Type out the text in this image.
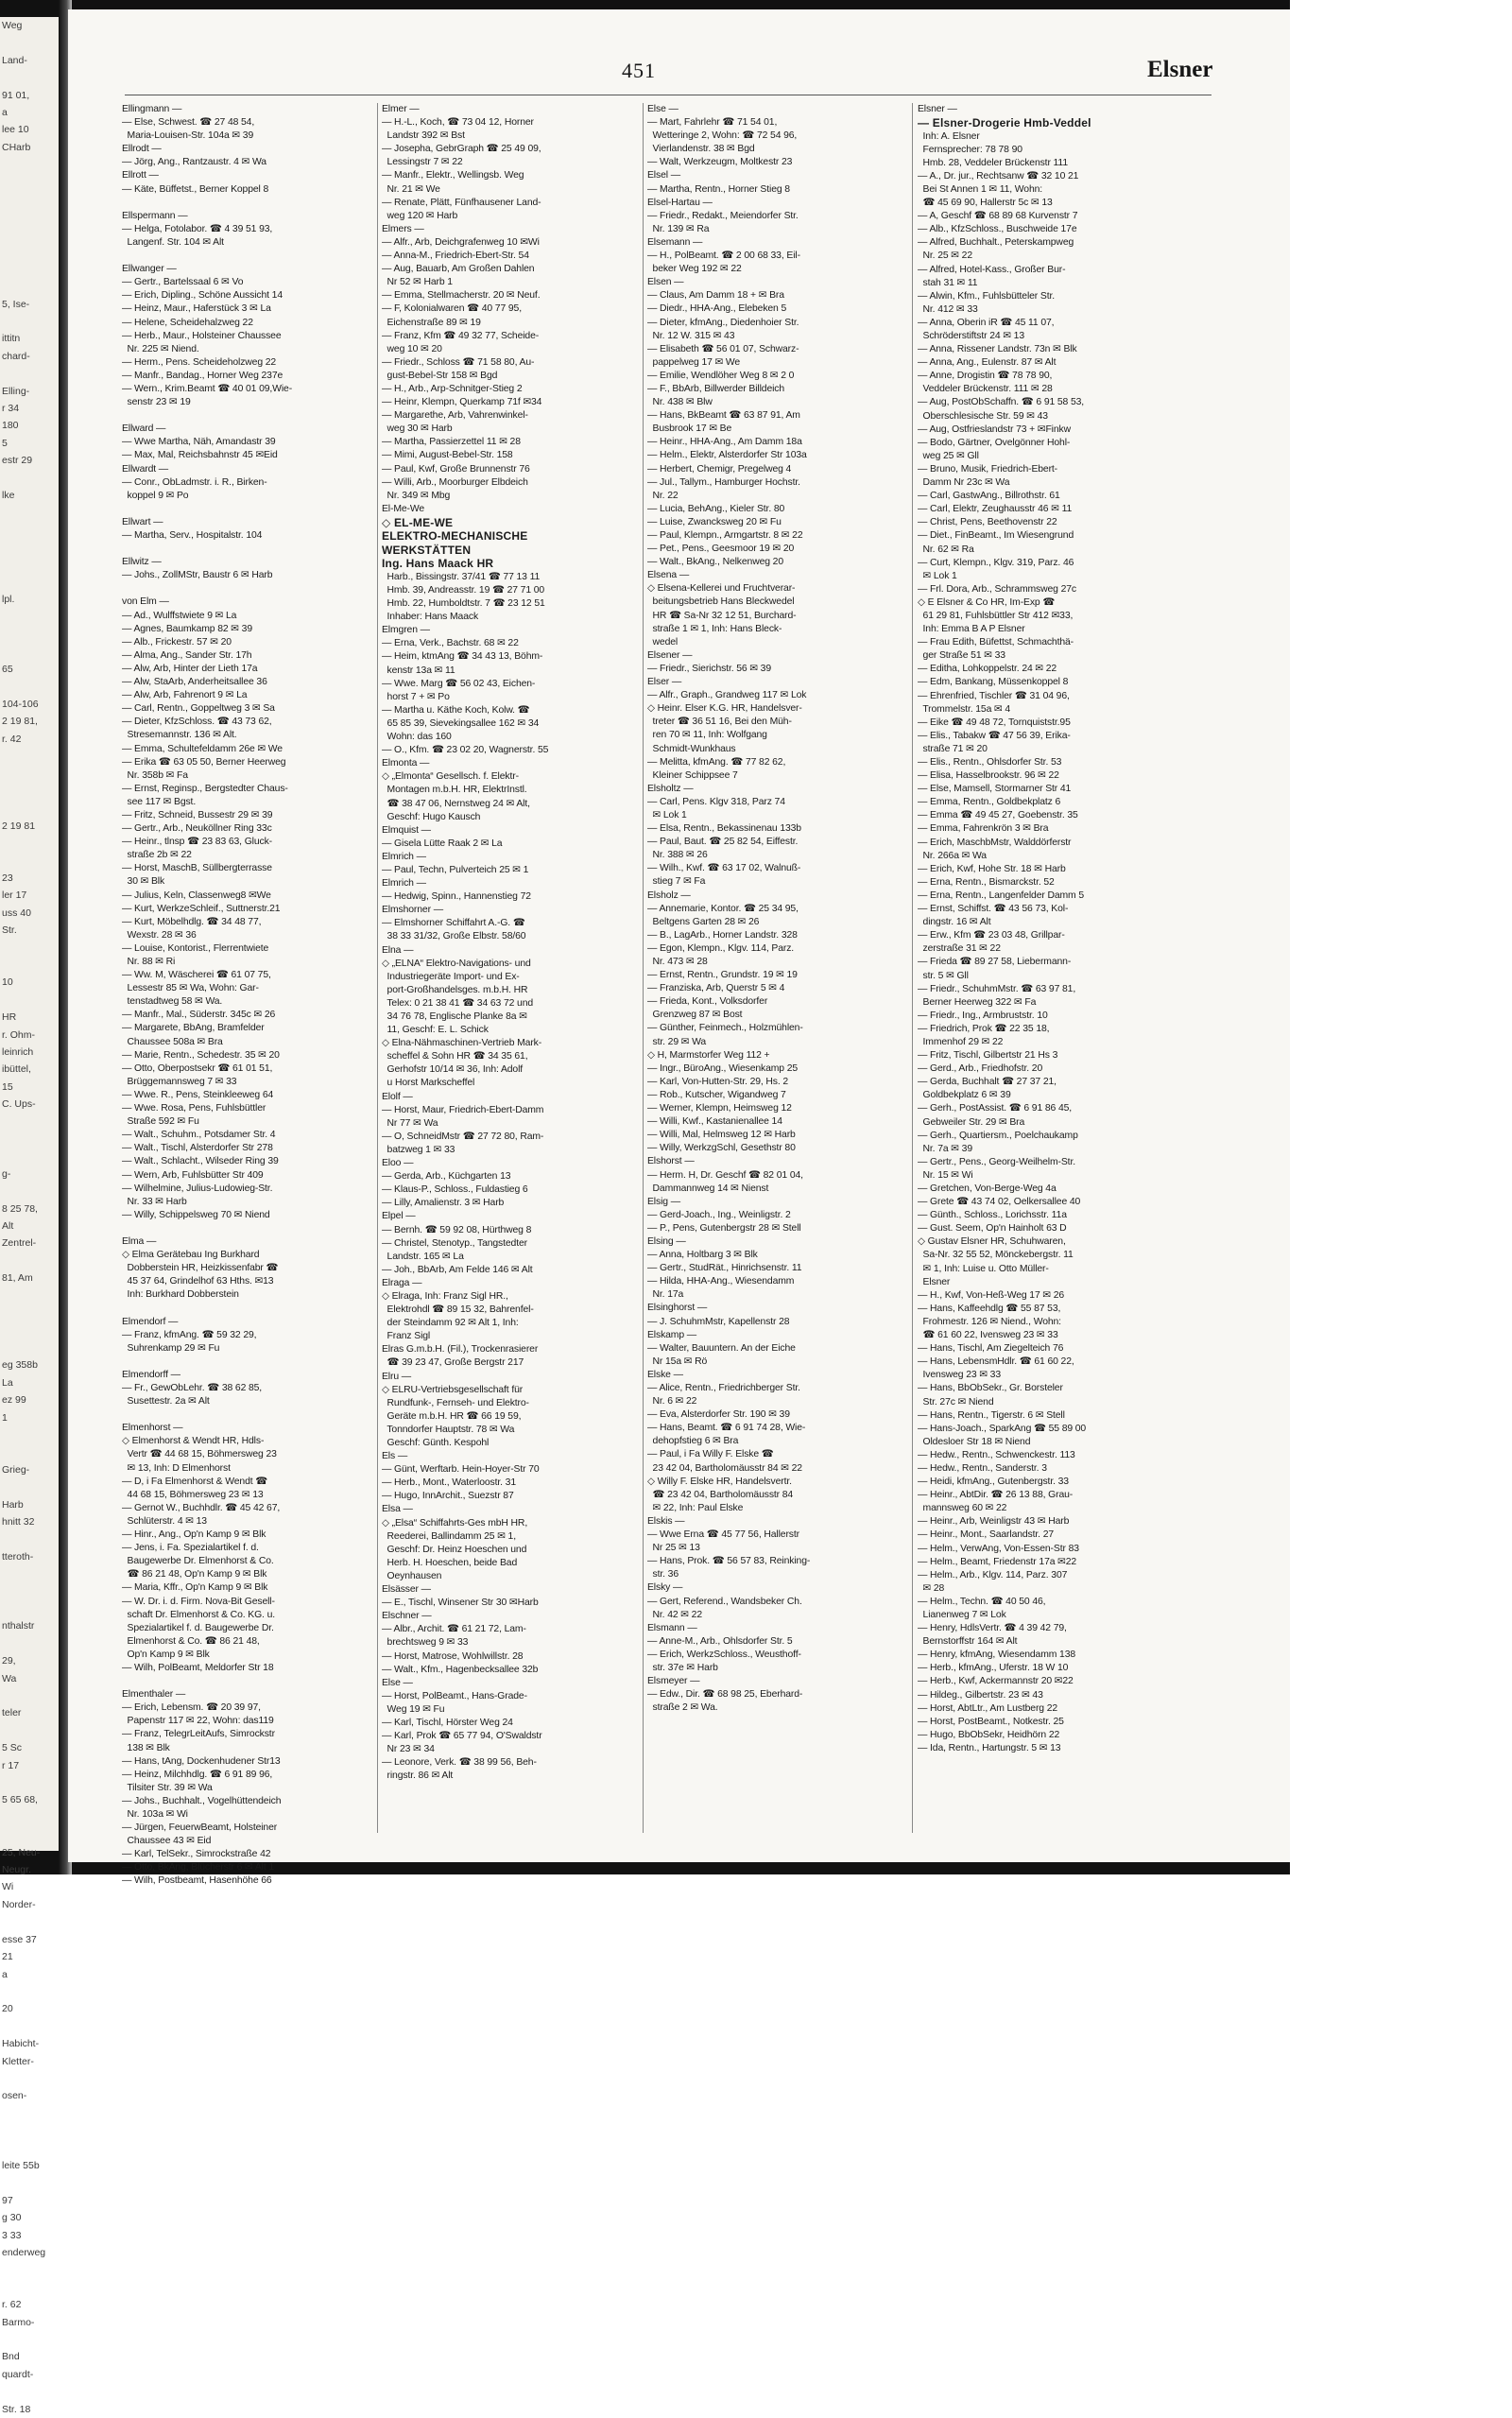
Weg

Land-

91 01,
a
lee 10
CHarb

5, Ise-

ittitn
chard-

Elling-
r 34
180
5
estr 29

lke

lpl.

65

104-106
2 19 81,
r. 42

2 19 81

23
ler 17
uss 40
Str.

10

HR
r. Ohm-
leinrich
ibüttel,
15
C. Ups-

g-

8 25 78,
Alt
Zentrel-

81, Am

eg 358b
La
ez 99
1

Grieg-

Harb
hnitt 32

tteroth-

nthalstr

29,
Wa

teler

5 Sc
r 17

5 65 68,

25, Neu-
Neugr.
Wi
Norder-

esse 37
21
a

20

Habicht-
Kletter-

osen-

leite 55b

97
g 30
3 33
enderweg

r. 62
Barmo-

Bnd
quardt-

Str. 18
451	Elsner
Ellingmann —
— Else, Schwest. ☎ 27 48 54,
Maria-Louisen-Str. 104a ✉ 39
Ellrodt —
— Jörg, Ang., Rantzaustr. 4 ✉ Wa
Ellrott —
— Käte, Büffetst., Berner Koppel 8

Ellspermann —
— Helga, Fotolabor. ☎ 4 39 51 93,
Langenf. Str. 104 ✉ Alt

Ellwanger —
— Gertr., Bartelssaal 6 ✉ Vo
— Erich, Dipling., Schöne Aussicht 14
— Heinz, Maur., Haferstück 3 ✉ La
— Helene, Scheidehalzweg 22
— Herb., Maur., Holsteiner Chaussee
Nr. 225 ✉ Niend.
— Herm., Pens. Scheideholzweg 22
— Manfr., Bandag., Horner Weg 237e
— Wern., Krim.Beamt ☎ 40 01 09,Wie-
senstr 23 ✉ 19

Ellward —
— Wwe Martha, Näh, Amandastr 39
— Max, Mal, Reichsbahnstr 45 ✉Eid
Ellwardt —
— Conr., ObLadmstr. i. R., Birken-
koppel 9 ✉ Po

Ellwart —
— Martha, Serv., Hospitalstr. 104

Ellwitz —
— Johs., ZollMStr, Baustr 6 ✉ Harb

von Elm —
— Ad., Wulffstwiete 9 ✉ La
— Agnes, Baumkamp 82 ✉ 39
— Alb., Frickestr. 57 ✉ 20
— Alma, Ang., Sander Str. 17h
— Alw, Arb, Hinter der Lieth 17a
— Alw, StaArb, Anderheitsallee 36
— Alw, Arb, Fahrenort 9 ✉ La
— Carl, Rentn., Goppeltweg 3 ✉ Sa
— Dieter, KfzSchloss. ☎ 43 73 62,
Stresemannstr. 136 ✉ Alt.
— Emma, Schultefeldamm 26e ✉ We
— Erika ☎ 63 05 50, Berner Heerweg
Nr. 358b ✉ Fa
— Ernst, Reginsp., Bergstedter Chaus-
see 117 ✉ Bgst.
— Fritz, Schneid, Bussestr 29 ✉ 39
— Gertr., Arb., Neuköllner Ring 33c
— Heinr., tlnsp ☎ 23 83 63, Gluck-
straße 2b ✉ 22
— Horst, MaschB, Süllbergterrasse
30 ✉ Blk
— Julius, Keln, Classenweg8 ✉We
— Kurt, WerkzeSchleif., Suttnerstr.21
— Kurt, Möbelhdlg. ☎ 34 48 77,
Wexstr. 28 ✉ 36
— Louise, Kontorist., Flerrentwiete
Nr. 88 ✉ Ri
— Ww. M, Wäscherei ☎ 61 07 75,
Lessestr 85 ✉ Wa, Wohn: Gar-
tenstadtweg 58 ✉ Wa.
— Manfr., Mal., Süderstr. 345c ✉ 26
— Margarete, BbAng, Bramfelder
Chaussee 508a ✉ Bra
— Marie, Rentn., Schedestr. 35 ✉ 20
— Otto, Oberpostsekr ☎ 61 01 51,
Brüggemannsweg 7 ✉ 33
— Wwe. R., Pens, Steinkleeweg 64
— Wwe. Rosa, Pens, Fuhlsbüttler
Straße 592 ✉ Fu
— Walt., Schuhm., Potsdamer Str. 4
— Walt., Tischl, Alsterdorfer Str 278
— Walt., Schlacht., Wilseder Ring 39
— Wern, Arb, Fuhlsbütter Str 409
— Wilhelmine, Julius-Ludowieg-Str.
Nr. 33 ✉ Harb
— Willy, Schippelsweg 70 ✉ Niend

Elma —
◇ Elma Gerätebau Ing Burkhard
Dobberstein HR, Heizkissenfabr ☎
45 37 64, Grindelhof 63 Hths. ✉13
Inh: Burkhard Dobberstein

Elmendorf —
— Franz, kfmAng. ☎ 59 32 29,
Suhrenkamp 29 ✉ Fu

Elmendorff —
— Fr., GewObLehr. ☎ 38 62 85,
Susettestr. 2a ✉ Alt

Elmenhorst —
◇ Elmenhorst & Wendt HR, Hdls-
Vertr ☎ 44 68 15, Böhmersweg 23
✉ 13, Inh: D Elmenhorst
— D, i Fa Elmenhorst & Wendt ☎
44 68 15, Böhmersweg 23 ✉ 13
— Gernot W., Buchhdlr. ☎ 45 42 67,
Schlüterstr. 4 ✉ 13
— Hinr., Ang., Op'n Kamp 9 ✉ Blk
— Jens, i. Fa. Spezialartikel f. d.
Baugewerbe Dr. Elmenhorst & Co.
☎ 86 21 48, Op'n Kamp 9 ✉ Blk
— Maria, Kffr., Op'n Kamp 9 ✉ Blk
— W. Dr. i. d. Firm. Nova-Bit Gesell-
schaft Dr. Elmenhorst & Co. KG. u.
Spezialartikel f. d. Baugewerbe Dr.
Elmenhorst & Co. ☎ 86 21 48,
Op'n Kamp 9 ✉ Blk
— Wilh, PolBeamt, Meldorfer Str 18

Elmenthaler —
— Erich, Lebensm. ☎ 20 39 97,
Papenstr 117 ✉ 22, Wohn: das119
— Franz, TelegrLeitAufs, Simrockstr
138 ✉ Blk
— Hans, tAng, Dockenhudener Str13
— Heinz, Milchhdlg. ☎ 6 91 89 96,
Tilsiter Str. 39 ✉ Wa
— Johs., Buchhalt., Vogelhüttendeich
Nr. 103a ✉ Wi
— Jürgen, FeuerwBeamt, Holsteiner
Chaussee 43 ✉ Eid
— Karl, TelSekr., Simrockstraße 42
— Otto, BkAng, Blücherstr 6 ✉ Alt 1
— Wilh, Postbeamt, Hasenhöhe 66
Elmer —
— H.-L., Koch, ☎ 73 04 12, Horner
Landstr 392 ✉ Bst
— Josepha, GebrGraph ☎ 25 49 09,
Lessingstr 7 ✉ 22
— Manfr., Elektr., Wellingsb. Weg
Nr. 21 ✉ We
— Renate, Plätt, Fünfhausener Land-
weg 120 ✉ Harb
Elmers —
— Alfr., Arb, Deichgrafenweg 10 ✉Wi
— Anna-M., Friedrich-Ebert-Str. 54
— Aug, Bauarb, Am Großen Dahlen
Nr 52 ✉ Harb 1
— Emma, Stellmacherstr. 20 ✉ Neuf.
— F, Kolonialwaren ☎ 40 77 95,
Eichenstraße 89 ✉ 19
— Franz, Kfm ☎ 49 32 77, Scheide-
weg 10 ✉ 20
— Friedr., Schloss ☎ 71 58 80, Au-
gust-Bebel-Str 158 ✉ Bgd
— H., Arb., Arp-Schnitger-Stieg 2
— Heinr, Klempn, Querkamp 71f ✉34
— Margarethe, Arb, Vahrenwinkel-
weg 30 ✉ Harb
— Martha, Passierzettel 11 ✉ 28
— Mimi, August-Bebel-Str. 158
— Paul, Kwf, Große Brunnenstr 76
— Willi, Arb., Moorburger Elbdeich
Nr. 349 ✉ Mbg
El-Me-We
◇ EL-ME-WE
ELEKTRO-MECHANISCHE
WERKSTÄTTEN
Ing. Hans Maack HR
Harb., Bissingstr. 37/41 ☎ 77 13 11
Hmb. 39, Andreasstr. 19 ☎ 27 71 00
Hmb. 22, Humboldtstr. 7 ☎ 23 12 51
Inhaber: Hans Maack
Elmgren —
— Erna, Verk., Bachstr. 68 ✉ 22
— Heim, ktmAng ☎ 34 43 13, Böhm-
kenstr 13a ✉ 11
— Wwe. Marg ☎ 56 02 43, Eichen-
horst 7 + ✉ Po
— Martha u. Käthe Koch, Kolw. ☎
65 85 39, Sievekingsallee 162 ✉ 34
Wohn: das 160
— O., Kfm. ☎ 23 02 20, Wagnerstr. 55
Elmonta —
◇ „Elmonta“ Gesellsch. f. Elektr-
Montagen m.b.H. HR, ElektrInstl.
☎ 38 47 06, Nernstweg 24 ✉ Alt,
Geschf: Hugo Kausch
Elmquist —
— Gisela Lütte Raak 2 ✉ La
Elmrich —
— Paul, Techn, Pulverteich 25 ✉ 1
Elmrich —
— Hedwig, Spinn., Hannenstieg 72
Elmshorner —
— Elmshorner Schiffahrt A.-G. ☎
38 33 31/32, Große Elbstr. 58/60
Elna —
◇ „ELNA“ Elektro-Navigations- und
Industriegeräte Import- und Ex-
port-Großhandelsges. m.b.H. HR
Telex: 0 21 38 41 ☎ 34 63 72 und
34 76 78, Englische Planke 8a ✉
11, Geschf: E. L. Schick
◇ Elna-Nähmaschinen-Vertrieb Mark-
scheffel & Sohn HR ☎ 34 35 61,
Gerhofstr 10/14 ✉ 36, Inh: Adolf
u Horst Markscheffel
Elolf —
— Horst, Maur, Friedrich-Ebert-Damm
Nr 77 ✉ Wa
— O, SchneidMstr ☎ 27 72 80, Ram-
batzweg 1 ✉ 33
Eloo —
— Gerda, Arb., Küchgarten 13
— Klaus-P., Schloss., Fuldastieg 6
— Lilly, Amalienstr. 3 ✉ Harb
Elpel —
— Bernh. ☎ 59 92 08, Hürthweg 8
— Christel, Stenotyp., Tangstedter
Landstr. 165 ✉ La
— Joh., BbArb, Am Felde 146 ✉ Alt
Elraga —
◇ Elraga, Inh: Franz Sigl HR.,
Elektrohdl ☎ 89 15 32, Bahrenfel-
der Steindamm 92 ✉ Alt 1, Inh:
Franz Sigl
Elras G.m.b.H. (Fil.), Trockenrasierer
☎ 39 23 47, Große Bergstr 217
Elru —
◇ ELRU-Vertriebsgesellschaft für
Rundfunk-, Fernseh- und Elektro-
Geräte m.b.H. HR ☎ 66 19 59,
Tonndorfer Hauptstr. 78 ✉ Wa
Geschf: Günth. Kespohl
Els —
— Günt, Werftarb. Hein-Hoyer-Str 70
— Herb., Mont., Waterloostr. 31
— Hugo, InnArchit., Suezstr 87
Elsa —
◇ „Elsa“ Schiffahrts-Ges mbH HR,
Reederei, Ballindamm 25 ✉ 1,
Geschf: Dr. Heinz Hoeschen und
Herb. H. Hoeschen, beide Bad
Oeynhausen
Elsässer —
— E., Tischl, Winsener Str 30 ✉Harb
Elschner —
— Albr., Archit. ☎ 61 21 72, Lam-
brechtsweg 9 ✉ 33
— Horst, Matrose, Wohlwillstr. 28
— Walt., Kfm., Hagenbecksallee 32b
Else —
— Horst, PolBeamt., Hans-Grade-
Weg 19 ✉ Fu
— Karl, Tischl, Hörster Weg 24
— Karl, Prok ☎ 65 77 94, O'Swaldstr
Nr 23 ✉ 34
— Leonore, Verk. ☎ 38 99 56, Beh-
ringstr. 86 ✉ Alt
Else —
— Mart, Fahrlehr ☎ 71 54 01,
Wetteringe 2, Wohn: ☎ 72 54 96,
Vierlandenstr. 38 ✉ Bgd
— Walt, Werkzeugm, Moltkestr 23
Elsel —
— Martha, Rentn., Horner Stieg 8
Elsel-Hartau —
— Friedr., Redakt., Meiendorfer Str.
Nr. 139 ✉ Ra
Elsemann —
— H., PolBeamt. ☎ 2 00 68 33, Eil-
beker Weg 192 ✉ 22
Elsen —
— Claus, Am Damm 18 + ✉ Bra
— Diedr., HHA-Ang., Elebeken 5
— Dieter, kfmAng., Diedenhoier Str.
Nr. 12 W. 315 ✉ 43
— Elisabeth ☎ 56 01 07, Schwarz-
pappelweg 17 ✉ We
— Emilie, Wendlöher Weg 8 ✉ 2 0
— F., BbArb, Billwerder Billdeich
Nr. 438 ✉ Blw
— Hans, BkBeamt ☎ 63 87 91, Am
Busbrook 17 ✉ Be
— Heinr., HHA-Ang., Am Damm 18a
— Helm., Elektr, Alsterdorfer Str 103a
— Herbert, Chemigr, Pregelweg 4
— Jul., Tallym., Hamburger Hochstr.
Nr. 22
— Lucia, BehAng., Kieler Str. 80
— Luise, Zwancksweg 20 ✉ Fu
— Paul, Klempn., Armgartstr. 8 ✉ 22
— Pet., Pens., Geesmoor 19 ✉ 20
— Walt., BkAng., Nelkenweg 20
Elsena —
◇ Elsena-Kellerei und Fruchtverar-
beitungsbetrieb Hans Bleckwedel
HR ☎ Sa-Nr 32 12 51, Burchard-
straße 1 ✉ 1, Inh: Hans Bleck-
wedel
Elsener —
— Friedr., Sierichstr. 56 ✉ 39
Elser —
— Alfr., Graph., Grandweg 117 ✉ Lok
◇ Heinr. Elser K.G. HR, Handelsver-
treter ☎ 36 51 16, Bei den Müh-
ren 70 ✉ 11, Inh: Wolfgang
Schmidt-Wunkhaus
— Melitta, kfmAng. ☎ 77 82 62,
Kleiner Schippsee 7
Elsholtz —
— Carl, Pens. Klgv 318, Parz 74
✉ Lok 1
— Elsa, Rentn., Bekassinenau 133b
— Paul, Baut. ☎ 25 82 54, Eiffestr.
Nr. 388 ✉ 26
— Wilh., Kwf. ☎ 63 17 02, Walnuß-
stieg 7 ✉ Fa
Elsholz —
— Annemarie, Kontor. ☎ 25 34 95,
Beltgens Garten 28 ✉ 26
— B., LagArb., Horner Landstr. 328
— Egon, Klempn., Klgv. 114, Parz.
Nr. 473 ✉ 28
— Ernst, Rentn., Grundstr. 19 ✉ 19
— Franziska, Arb, Querstr 5 ✉ 4
— Frieda, Kont., Volksdorfer
Grenzweg 87 ✉ Bost
— Günther, Feinmech., Holzmühlen-
str. 29 ✉ Wa
◇ H, Marmstorfer Weg 112 +
— Ingr., BüroAng., Wiesenkamp 25
— Karl, Von-Hutten-Str. 29, Hs. 2
— Rob., Kutscher, Wigandweg 7
— Werner, Klempn, Heimsweg 12
— Willi, Kwf., Kastanienallee 14
— Willi, Mal, Helmsweg 12 ✉ Harb
— Willy, WerkzgSchl, Gesethstr 80
Elshorst —
— Herm. H, Dr. Geschf ☎ 82 01 04,
Dammannweg 14 ✉ Nienst
Elsig —
— Gerd-Joach., Ing., Weinligstr. 2
— P., Pens, Gutenbergstr 28 ✉ Stell
Elsing —
— Anna, Holtbarg 3 ✉ Blk
— Gertr., StudRät., Hinrichsenstr. 11
— Hilda, HHA-Ang., Wiesendamm
Nr. 17a
Elsinghorst —
— J. SchuhmMstr, Kapellenstr 28
Elskamp —
— Walter, Bauuntern. An der Eiche
Nr 15a ✉ Rö
Elske —
— Alice, Rentn., Friedrichberger Str.
Nr. 6 ✉ 22
— Eva, Alsterdorfer Str. 190 ✉ 39
— Hans, Beamt. ☎ 6 91 74 28, Wie-
dehopfstieg 6 ✉ Bra
— Paul, i Fa Willy F. Elske ☎
23 42 04, Bartholomäusstr 84 ✉ 22
◇ Willy F. Elske HR, Handelsvertr.
☎ 23 42 04, Bartholomäusstr 84
✉ 22, Inh: Paul Elske
Elskis —
— Wwe Erna ☎ 45 77 56, Hallerstr
Nr 25 ✉ 13
— Hans, Prok. ☎ 56 57 83, Reinking-
str. 36
Elsky —
— Gert, Referend., Wandsbeker Ch.
Nr. 42 ✉ 22
Elsmann —
— Anne-M., Arb., Ohlsdorfer Str. 5
— Erich, WerkzSchloss., Weusthoff-
str. 37e ✉ Harb
Elsmeyer —
— Edw., Dir. ☎ 68 98 25, Eberhard-
straße 2 ✉ Wa.
Elsner —
— Elsner-Drogerie Hmb-Veddel
Inh: A. Elsner
Fernsprecher: 78 78 90
Hmb. 28, Veddeler Brückenstr 111
— A., Dr. jur., Rechtsanw ☎ 32 10 21
Bei St Annen 1 ✉ 11, Wohn:
☎ 45 69 90, Hallerstr 5c ✉ 13
— A, Geschf ☎ 68 89 68 Kurvenstr 7
— Alb., KfzSchloss., Buschweide 17e
— Alfred, Buchhalt., Peterskampweg
Nr. 25 ✉ 22
— Alfred, Hotel-Kass., Großer Bur-
stah 31 ✉ 11
— Alwin, Kfm., Fuhlsbütteler Str.
Nr. 412 ✉ 33
— Anna, Oberin iR ☎ 45 11 07,
Schröderstiftstr 24 ✉ 13
— Anna, Rissener Landstr. 73n ✉ Blk
— Anna, Ang., Eulenstr. 87 ✉ Alt
— Anne, Drogistin ☎ 78 78 90,
Veddeler Brückenstr. 111 ✉ 28
— Aug, PostObSchaffn. ☎ 6 91 58 53,
Oberschlesische Str. 59 ✉ 43
— Aug, Ostfrieslandstr 73 + ✉Finkw
— Bodo, Gärtner, Ovelgönner Hohl-
weg 25 ✉ Gll
— Bruno, Musik, Friedrich-Ebert-
Damm Nr 23c ✉ Wa
— Carl, GastwAng., Billrothstr. 61
— Carl, Elektr, Zeughausstr 46 ✉ 11
— Christ, Pens, Beethovenstr 22
— Diet., FinBeamt., Im Wiesengrund
Nr. 62 ✉ Ra
— Curt, Klempn., Klgv. 319, Parz. 46
✉ Lok 1
— Frl. Dora, Arb., Schrammsweg 27c
◇ E Elsner & Co HR, Im-Exp ☎
61 29 81, Fuhlsbüttler Str 412 ✉33,
Inh: Emma B A P Elsner
— Frau Edith, Büfettst, Schmachthä-
ger Straße 51 ✉ 33
— Editha, Lohkoppelstr. 24 ✉ 22
— Edm, Bankang, Müssenkoppel 8
— Ehrenfried, Tischler ☎ 31 04 96,
Trommelstr. 15a ✉ 4
— Eike ☎ 49 48 72, Tornquiststr.95
— Elis., Tabakw ☎ 47 56 39, Erika-
straße 71 ✉ 20
— Elis., Rentn., Ohlsdorfer Str. 53
— Elisa, Hasselbrookstr. 96 ✉ 22
— Else, Mamsell, Stormarner Str 41
— Emma, Rentn., Goldbekplatz 6
— Emma ☎ 49 45 27, Goebenstr. 35
— Emma, Fahrenkrön 3 ✉ Bra
— Erich, MaschbMstr, Walddörferstr
Nr. 266a ✉ Wa
— Erich, Kwf, Hohe Str. 18 ✉ Harb
— Erna, Rentn., Bismarckstr. 52
— Erna, Rentn., Langenfelder Damm 5
— Ernst, Schiffst. ☎ 43 56 73, Kol-
dingstr. 16 ✉ Alt
— Erw., Kfm ☎ 23 03 48, Grillpar-
zerstraße 31 ✉ 22
— Frieda ☎ 89 27 58, Liebermann-
str. 5 ✉ Gll
— Friedr., SchuhmMstr. ☎ 63 97 81,
Berner Heerweg 322 ✉ Fa
— Friedr., Ing., Armbruststr. 10
— Friedrich, Prok ☎ 22 35 18,
Immenhof 29 ✉ 22
— Fritz, Tischl, Gilbertstr 21 Hs 3
— Gerd., Arb., Friedhofstr. 20
— Gerda, Buchhalt ☎ 27 37 21,
Goldbekplatz 6 ✉ 39
— Gerh., PostAssist. ☎ 6 91 86 45,
Gebweiler Str. 29 ✉ Bra
— Gerh., Quartiersm., Poelchaukamp
Nr. 7a ✉ 39
— Gertr., Pens., Georg-Weilhelm-Str.
Nr. 15 ✉ Wi
— Gretchen, Von-Berge-Weg 4a
— Grete ☎ 43 74 02, Oelkersallee 40
— Günth., Schloss., Lorichsstr. 11a
— Gust. Seem, Op'n Hainholt 63 D
◇ Gustav Elsner HR, Schuhwaren,
Sa-Nr. 32 55 52, Mönckebergstr. 11
✉ 1, Inh: Luise u. Otto Müller-
Elsner
— H., Kwf, Von-Heß-Weg 17 ✉ 26
— Hans, Kaffeehdlg ☎ 55 87 53,
Frohmestr. 126 ✉ Niend., Wohn:
☎ 61 60 22, Ivensweg 23 ✉ 33
— Hans, Tischl, Am Ziegelteich 76
— Hans, LebensmHdlr. ☎ 61 60 22,
Ivensweg 23 ✉ 33
— Hans, BbObSekr., Gr. Borsteler
Str. 27c ✉ Niend
— Hans, Rentn., Tigerstr. 6 ✉ Stell
— Hans-Joach., SparkAng ☎ 55 89 00
Oldesloer Str 18 ✉ Niend
— Hedw., Rentn., Schwenckestr. 113
— Hedw., Rentn., Sanderstr. 3
— Heidi, kfmAng., Gutenbergstr. 33
— Heinr., AbtDir. ☎ 26 13 88, Grau-
mannsweg 60 ✉ 22
— Heinr., Arb, Weinligstr 43 ✉ Harb
— Heinr., Mont., Saarlandstr. 27
— Helm., VerwAng, Von-Essen-Str 83
— Helm., Beamt, Friedenstr 17a ✉22
— Helm., Arb., Klgv. 114, Parz. 307
✉ 28
— Helm., Techn. ☎ 40 50 46,
Lianenweg 7 ✉ Lok
— Henry, HdlsVertr. ☎ 4 39 42 79,
Bernstorffstr 164 ✉ Alt
— Henry, kfmAng, Wiesendamm 138
— Herb., kfmAng., Uferstr. 18 W 10
— Herb., Kwf, Ackermannstr 20 ✉22
— Hildeg., Gilbertstr. 23 ✉ 43
— Horst, AbtLtr., Am Lustberg 22
— Horst, PostBeamt., Notkestr. 25
— Hugo, BbObSekr, Heidhörn 22
— Ida, Rentn., Hartungstr. 5 ✉ 13
